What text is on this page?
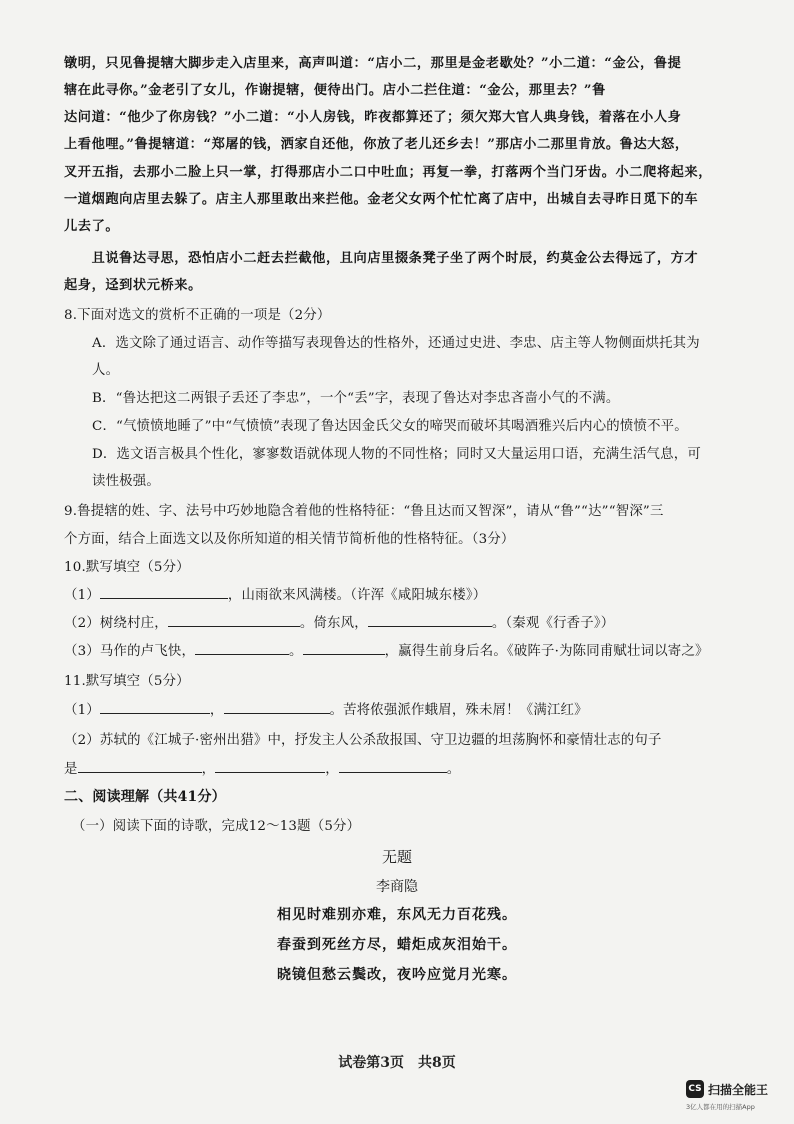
镦明，只见鲁提辖大脚步走入店里来，高声叫道：“店小二，那里是金老歇处？”小二道：“金公，鲁提
辖在此寻你。”金老引了女儿，作谢提辖，便待出门。店小二拦住道：“金公，那里去？”鲁
达问道：“他少了你房钱？”小二道：“小人房钱，昨夜都算还了；须欠郑大官人典身钱，着落在小人身
上看他哩。”鲁提辖道：“郑屠的钱，洒家自还他，你放了老儿还乡去！”那店小二那里肯放。鲁达大怒，
叉开五指，去那小二脸上只一掌，打得那店小二口中吐血；再复一拳，打落两个当门牙齿。小二爬将起来，
一道烟跑向店里去躲了。店主人那里敢出来拦他。金老父女两个忙忙离了店中，出城自去寻昨日觅下的车
儿去了。
　　且说鲁达寻思，恐怕店小二赶去拦截他，且向店里掇条凳子坐了两个时辰，约莫金公去得远了，方才
起身，迳到状元桥来。
8.下面对选文的赏析不正确的一项是（2分）
A．选文除了通过语言、动作等描写表现鲁达的性格外，还通过史进、李忠、店主等人物侧面烘托其为
人。
B．“鲁达把这二两银子丢还了李忠”，一个“丢”字，表现了鲁达对李忠吝啬小气的不满。
C．“气愤愤地睡了”中“气愤愤”表现了鲁达因金氏父女的啼哭而破坏其喝酒雅兴后内心的愤愤不平。
D．选文语言极具个性化，寥寥数语就体现人物的不同性格；同时又大量运用口语，充满生活气息，可
读性极强。
9.鲁提辖的姓、字、法号中巧妙地隐含着他的性格特征：“鲁且达而又智深”，请从“鲁”“达”“智深”三
个方面，结合上面选文以及你所知道的相关情节简析他的性格特征。（3分）
10.默写填空（5分）
（1）	，山雨欲来风满楼。（许浑《咸阳城东楼》）
（2）树绕村庄，	。倚东风，	。（秦观《行香子》）
（3）马作的卢飞快，	。	，赢得生前身后名。《破阵子·为陈同甫赋壮词以寄之》
11.默写填空（5分）
（1）	，	。苦将侬强派作蛾眉，殊未屑！《满江红》
（2）苏轼的《江城子·密州出猎》中，抒发主人公杀敌报国、守卫边疆的坦荡胸怀和豪情壮志的句子
是	，	，	。
二、阅读理解（共41分）
（一）阅读下面的诗歌，完成12～13题（5分）
无题
李商隐
相见时难别亦难，东风无力百花残。
春蚕到死丝方尽，蜡炬成灰泪始干。
晓镜但愁云鬓改，夜吟应觉月光寒。
试卷第3页　共8页
CS 扫描全能王
3亿人都在用的扫描App
